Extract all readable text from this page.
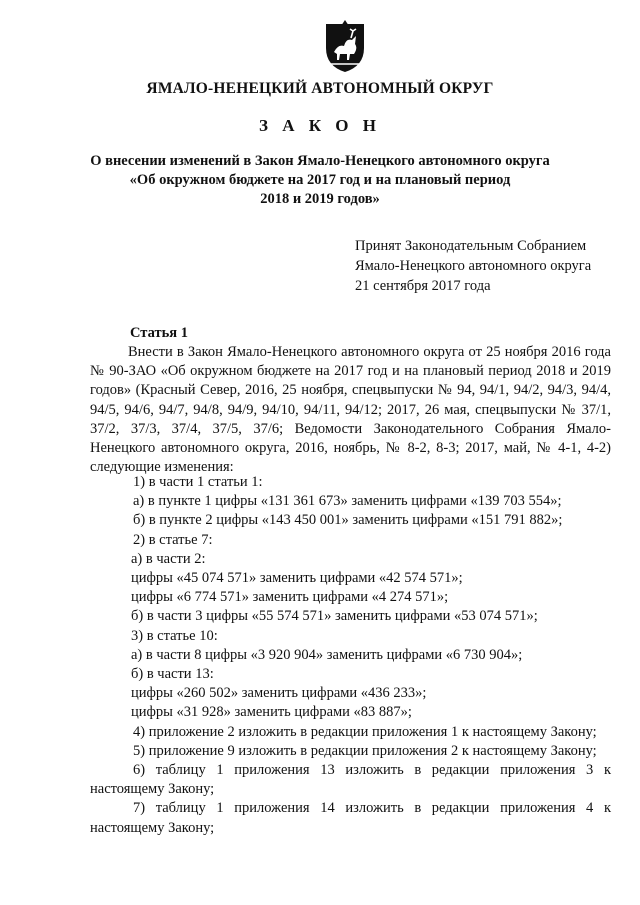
ЯМАЛО-НЕНЕЦКИЙ АВТОНОМНЫЙ ОКРУГ
З А К О Н
О внесении изменений в Закон Ямало-Ненецкого автономного округа
«Об окружном бюджете на 2017 год и на плановый период
2018 и 2019 годов»
Принят Законодательным Собранием
Ямало-Ненецкого автономного округа
21 сентября 2017 года
Статья 1
Внести в Закон Ямало-Ненецкого автономного округа от 25 ноября 2016 года № 90-ЗАО «Об окружном бюджете на 2017 год и на плановый период 2018 и 2019 годов» (Красный Север, 2016, 25 ноября, спецвыпуски № 94, 94/1, 94/2, 94/3, 94/4, 94/5, 94/6, 94/7, 94/8, 94/9, 94/10, 94/11, 94/12; 2017, 26 мая, спецвыпуски № 37/1, 37/2, 37/3, 37/4, 37/5, 37/6; Ведомости Законодательного Собрания Ямало-Ненецкого автономного округа, 2016, ноябрь, № 8-2, 8-3; 2017, май, № 4-1, 4-2) следующие изменения:
1) в части 1 статьи 1:
а) в пункте 1 цифры «131 361 673» заменить цифрами «139 703 554»;
б) в пункте 2 цифры «143 450 001» заменить цифрами «151 791 882»;
2) в статье 7:
а) в части 2:
цифры «45 074 571» заменить цифрами «42 574 571»;
цифры «6 774 571» заменить цифрами «4 274 571»;
б) в части 3 цифры «55 574 571» заменить цифрами «53 074 571»;
3) в статье 10:
а) в части 8 цифры «3 920 904» заменить цифрами «6 730 904»;
б) в части 13:
цифры «260 502» заменить цифрами «436 233»;
цифры «31 928» заменить цифрами «83 887»;
4) приложение 2 изложить в редакции приложения 1 к настоящему Закону;
5) приложение 9 изложить в редакции приложения 2 к настоящему Закону;
6) таблицу 1 приложения 13 изложить в редакции приложения 3 к настоящему Закону;
7) таблицу 1 приложения 14 изложить в редакции приложения 4 к настоящему Закону;
